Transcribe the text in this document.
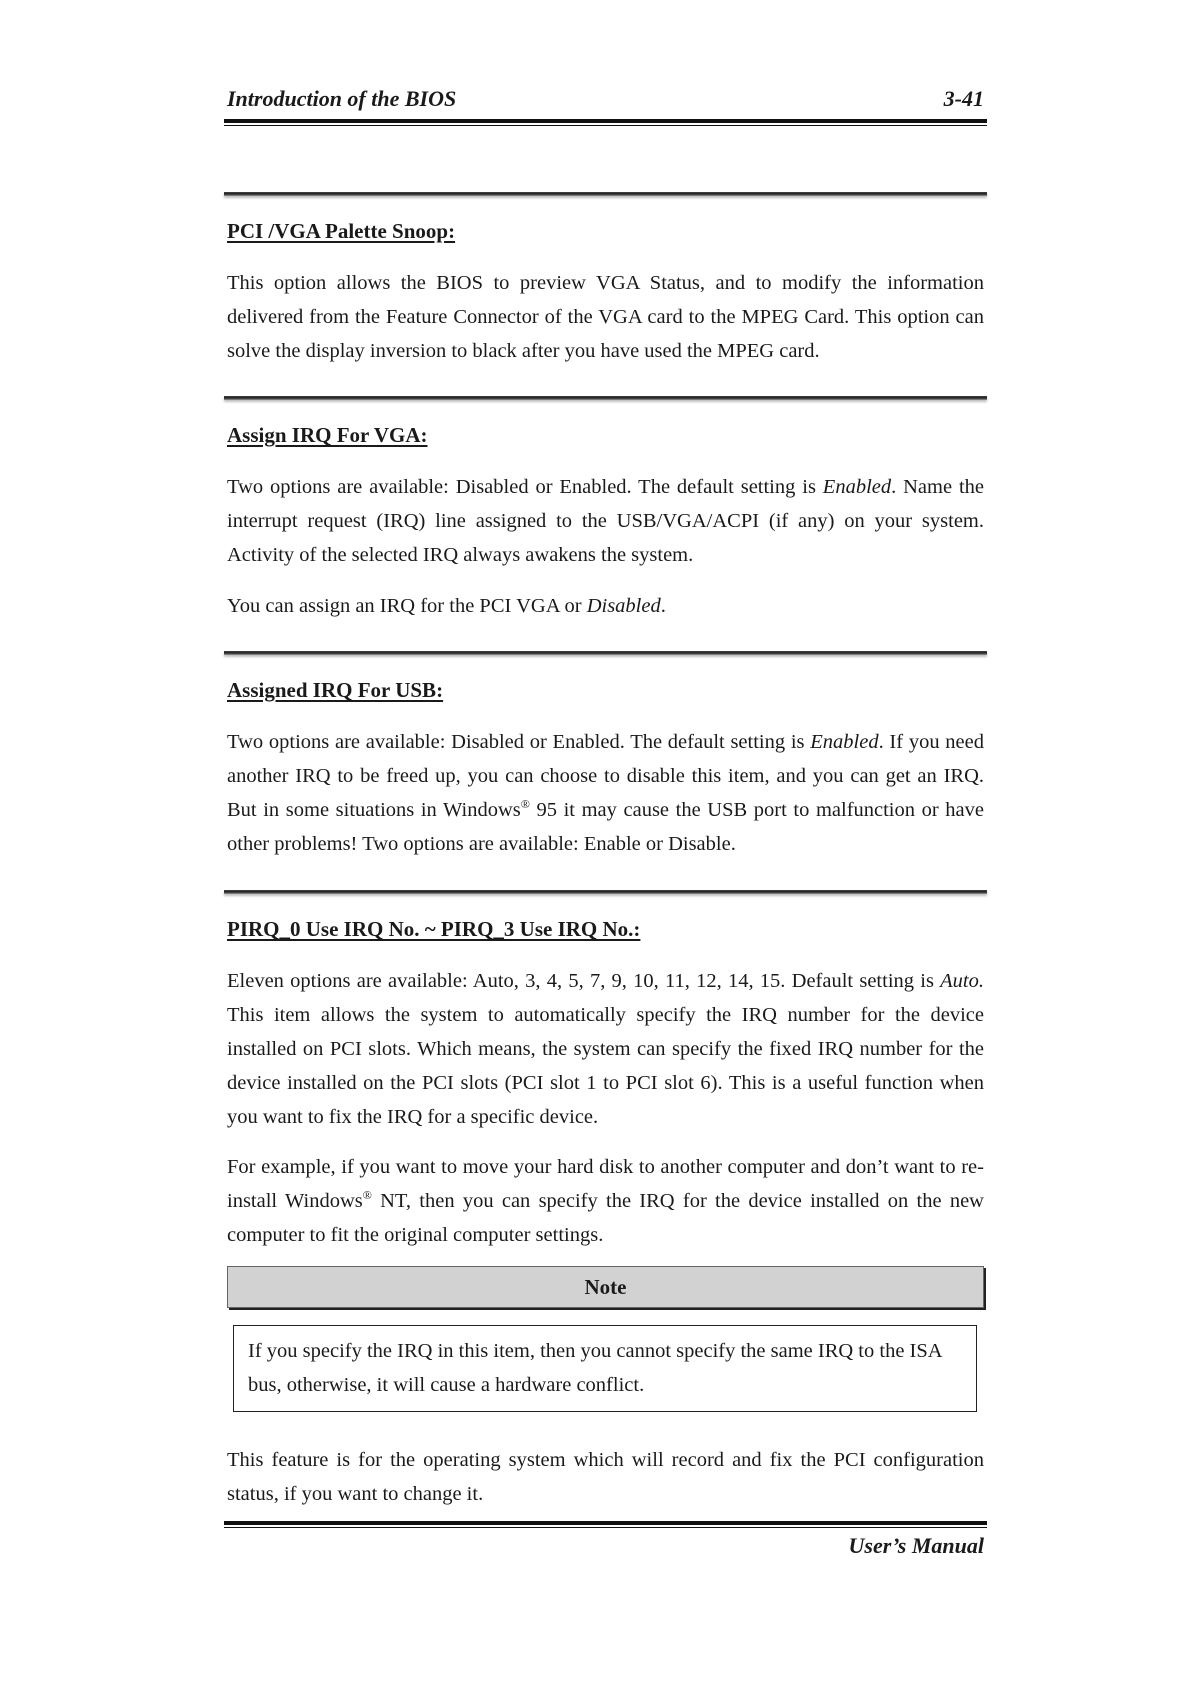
Introduction of the BIOS	3-41
PCI /VGA Palette Snoop:
This option allows the BIOS to preview VGA Status, and to modify the information delivered from the Feature Connector of the VGA card to the MPEG Card. This option can solve the display inversion to black after you have used the MPEG card.
Assign IRQ For VGA:
Two options are available: Disabled or Enabled. The default setting is Enabled. Name the interrupt request (IRQ) line assigned to the USB/VGA/ACPI (if any) on your system. Activity of the selected IRQ always awakens the system.
You can assign an IRQ for the PCI VGA or Disabled.
Assigned IRQ For USB:
Two options are available: Disabled or Enabled. The default setting is Enabled. If you need another IRQ to be freed up, you can choose to disable this item, and you can get an IRQ. But in some situations in Windows® 95 it may cause the USB port to malfunction or have other problems! Two options are available: Enable or Disable.
PIRQ_0 Use IRQ No. ~ PIRQ_3 Use IRQ No.:
Eleven options are available: Auto, 3, 4, 5, 7, 9, 10, 11, 12, 14, 15. Default setting is Auto. This item allows the system to automatically specify the IRQ number for the device installed on PCI slots. Which means, the system can specify the fixed IRQ number for the device installed on the PCI slots (PCI slot 1 to PCI slot 6). This is a useful function when you want to fix the IRQ for a specific device.
For example, if you want to move your hard disk to another computer and don’t want to re-install Windows® NT, then you can specify the IRQ for the device installed on the new computer to fit the original computer settings.
Note
If you specify the IRQ in this item, then you cannot specify the same IRQ to the ISA bus, otherwise, it will cause a hardware conflict.
This feature is for the operating system which will record and fix the PCI configuration status, if you want to change it.
User’s Manual
